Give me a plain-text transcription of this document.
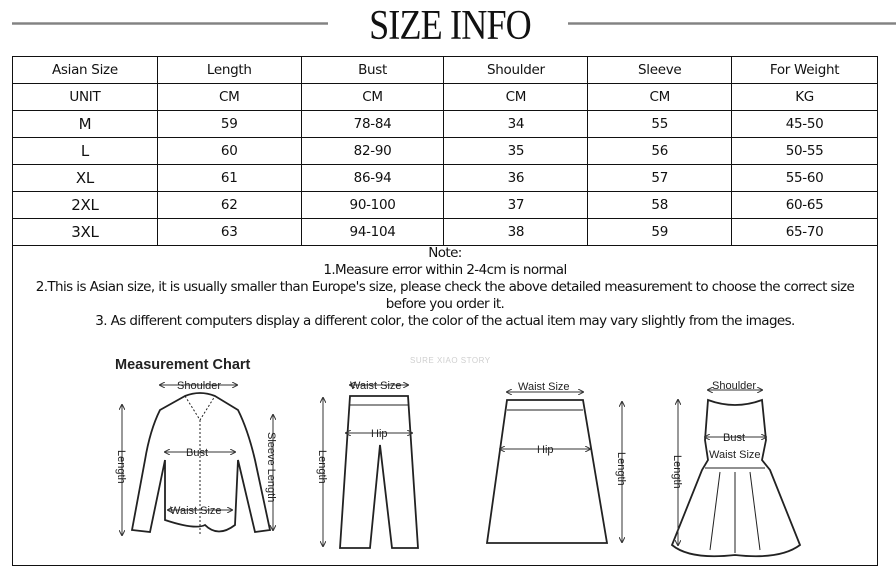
SIZE INFO
Asian Size	Length	Bust	Shoulder	Sleeve	For Weight
UNIT	CM	CM	CM	CM	KG
M	59	78-84	34	55	45-50
L	60	82-90	35	56	50-55
XL	61	86-94	36	57	55-60
2XL	62	90-100	37	58	60-65
3XL	63	94-104	38	59	65-70
Note:
1.Measure error within 2-4cm is normal
2.This is Asian size, it is usually smaller than Europe's size, please check the above detailed measurement to choose the correct size
before you order it.
3. As different computers display a different color, the color of the actual item may vary slightly from the images.
Measurement Chart	SURE XIAO STORY
Shoulder
Bust
Waist Size
Length	Sleeve Length
Waist Size
Hip
Length
Waist Size
Hip
Length
Shoulder
Bust
Waist Size
Length
